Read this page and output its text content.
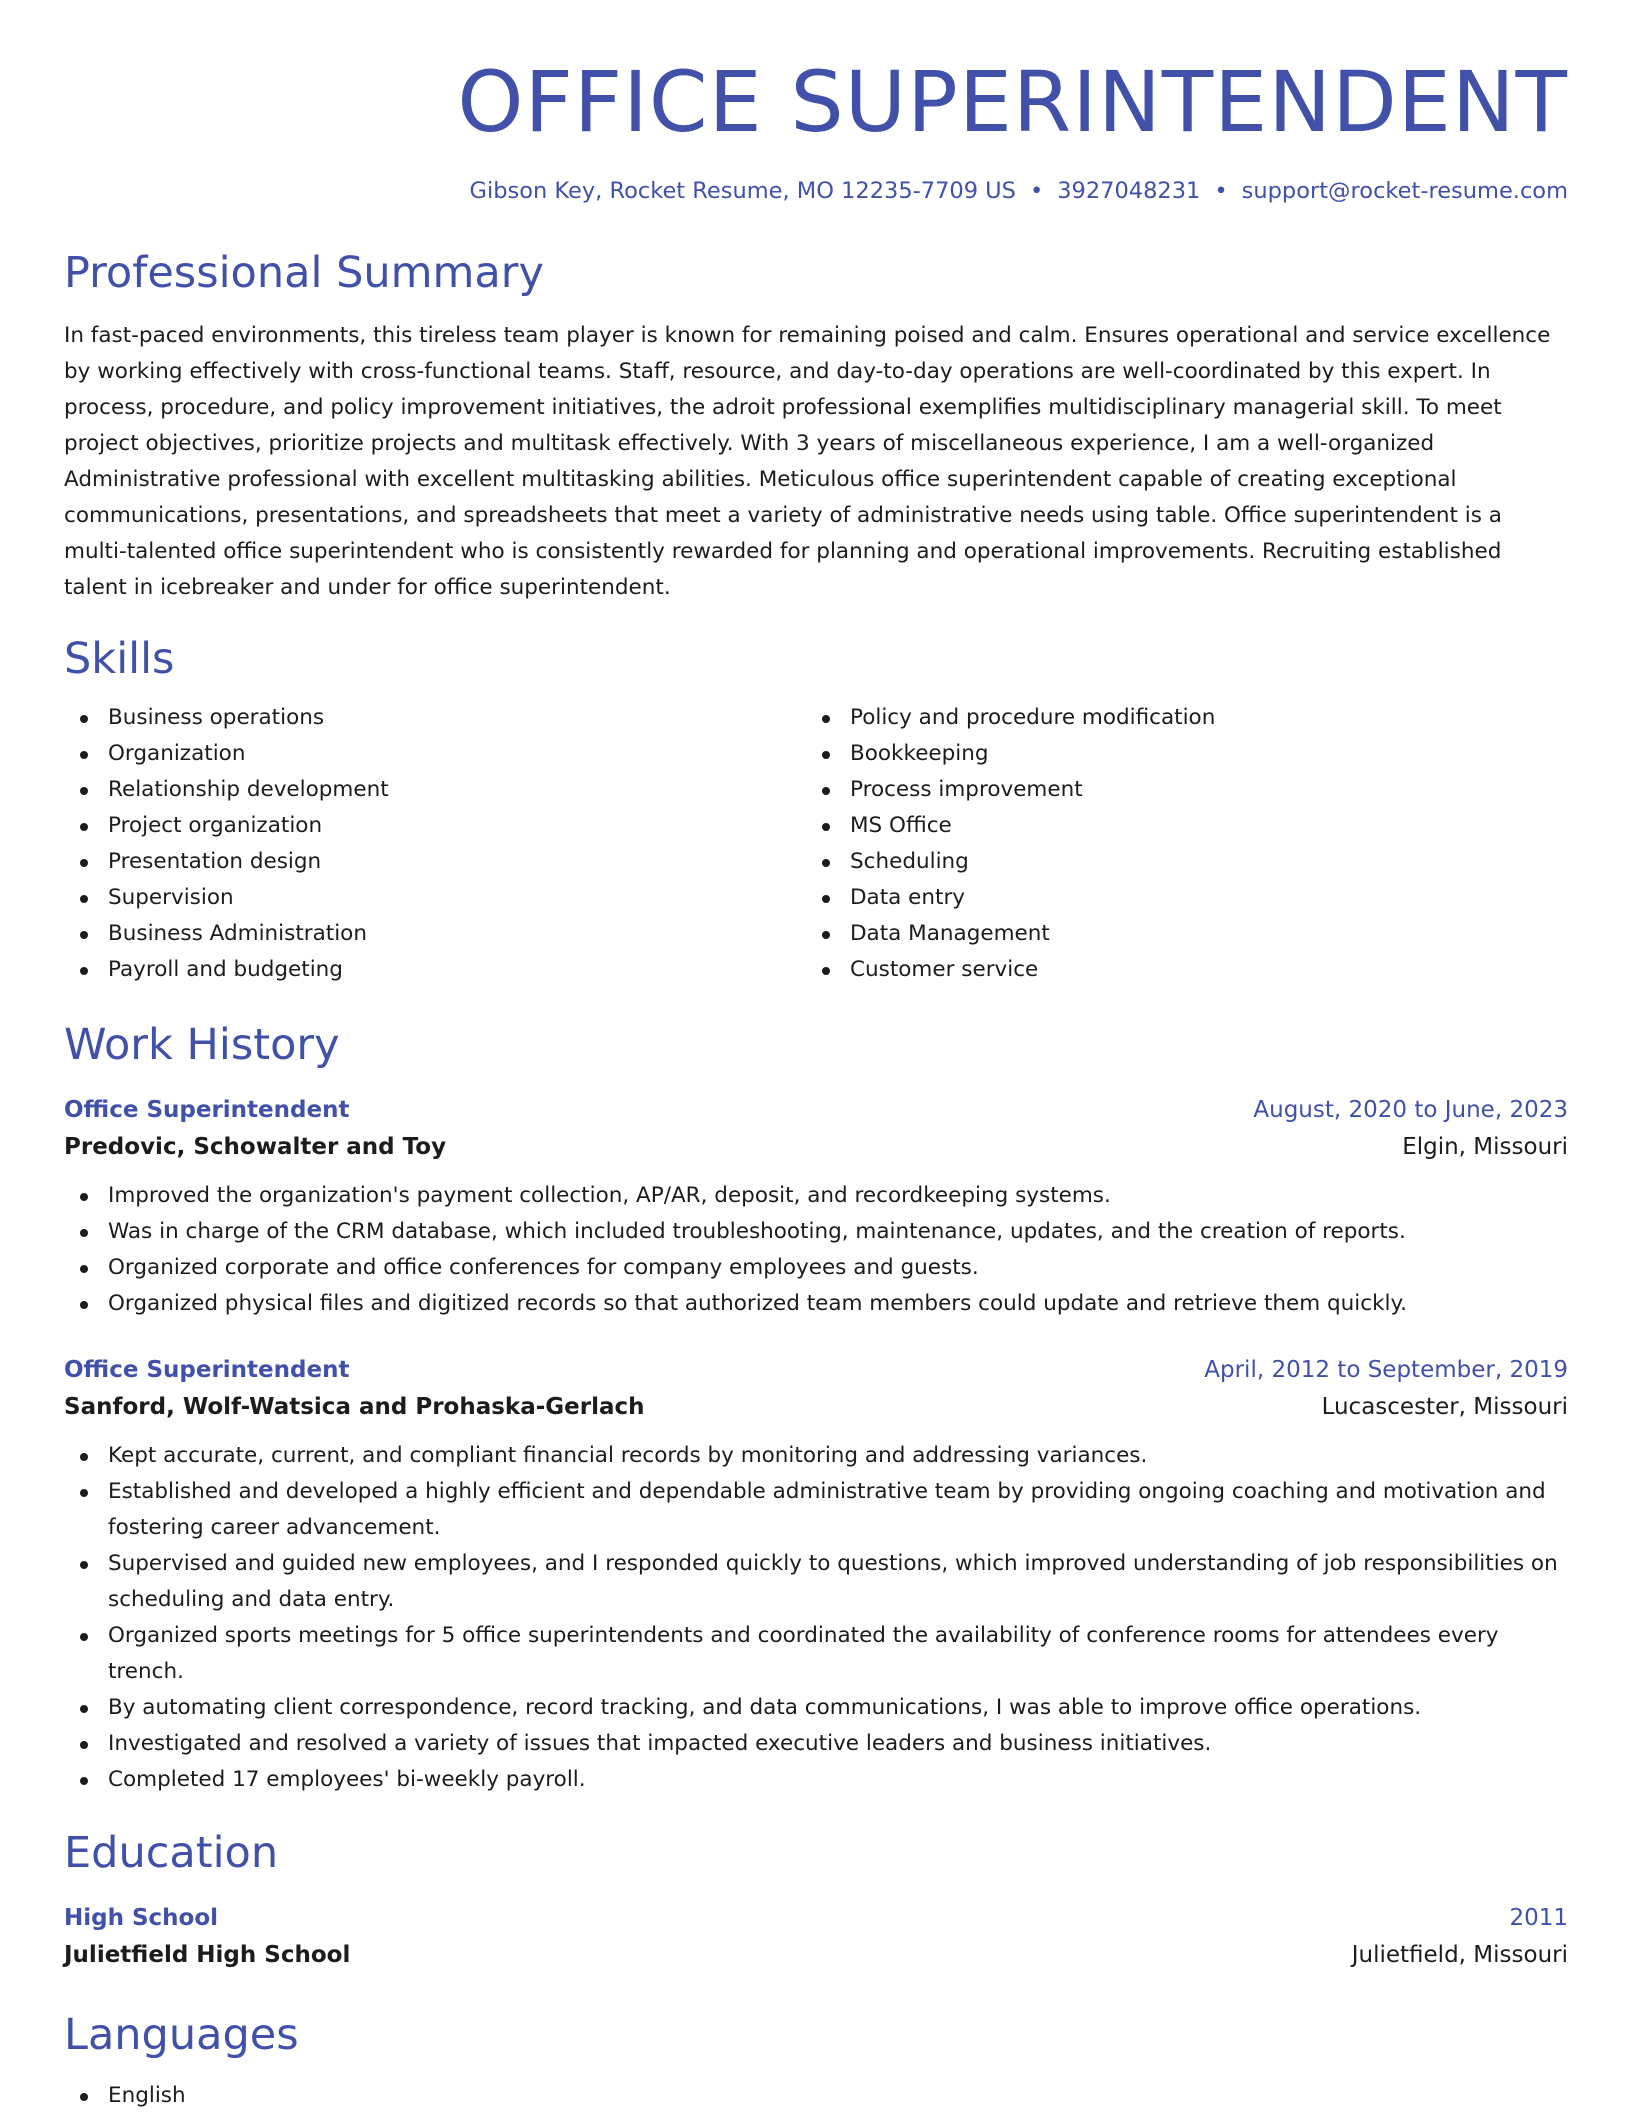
OFFICE SUPERINTENDENT
Gibson Key, Rocket Resume, MO 12235-7709 US • 3927048231 • support@rocket-resume.com
Professional Summary

In fast-paced environments, this tireless team player is known for remaining poised and calm. Ensures operational and service excellence by working effectively with cross-functional teams. Staff, resource, and day-to-day operations are well-coordinated by this expert. In process, procedure, and policy improvement initiatives, the adroit professional exemplifies multidisciplinary managerial skill. To meet project objectives, prioritize projects and multitask effectively. With 3 years of miscellaneous experience, I am a well-organized Administrative professional with excellent multitasking abilities. Meticulous office superintendent capable of creating exceptional communications, presentations, and spreadsheets that meet a variety of administrative needs using table. Office superintendent is a multi-talented office superintendent who is consistently rewarded for planning and operational improvements. Recruiting established talent in icebreaker and under for office superintendent.

Skills
Business operations
Organization
Relationship development
Project organization
Presentation design
Supervision
Business Administration
Payroll and budgeting
Policy and procedure modification
Bookkeeping
Process improvement
MS Office
Scheduling
Data entry
Data Management
Customer service
Work History
Office Superintendent	August, 2020 to June, 2023
Predovic, Schowalter and Toy	Elgin, Missouri
Improved the organization's payment collection, AP/AR, deposit, and recordkeeping systems.
Was in charge of the CRM database, which included troubleshooting, maintenance, updates, and the creation of reports.
Organized corporate and office conferences for company employees and guests.
Organized physical files and digitized records so that authorized team members could update and retrieve them quickly.
Office Superintendent	April, 2012 to September, 2019
Sanford, Wolf-Watsica and Prohaska-Gerlach	Lucascester, Missouri
Kept accurate, current, and compliant financial records by monitoring and addressing variances.
Established and developed a highly efficient and dependable administrative team by providing ongoing coaching and motivation and fostering career advancement.
Supervised and guided new employees, and I responded quickly to questions, which improved understanding of job responsibilities on scheduling and data entry.
Organized sports meetings for 5 office superintendents and coordinated the availability of conference rooms for attendees every trench.
By automating client correspondence, record tracking, and data communications, I was able to improve office operations.
Investigated and resolved a variety of issues that impacted executive leaders and business initiatives.
Completed 17 employees' bi-weekly payroll.
Education
High School	2011
Julietfield High School	Julietfield, Missouri
Languages
English
